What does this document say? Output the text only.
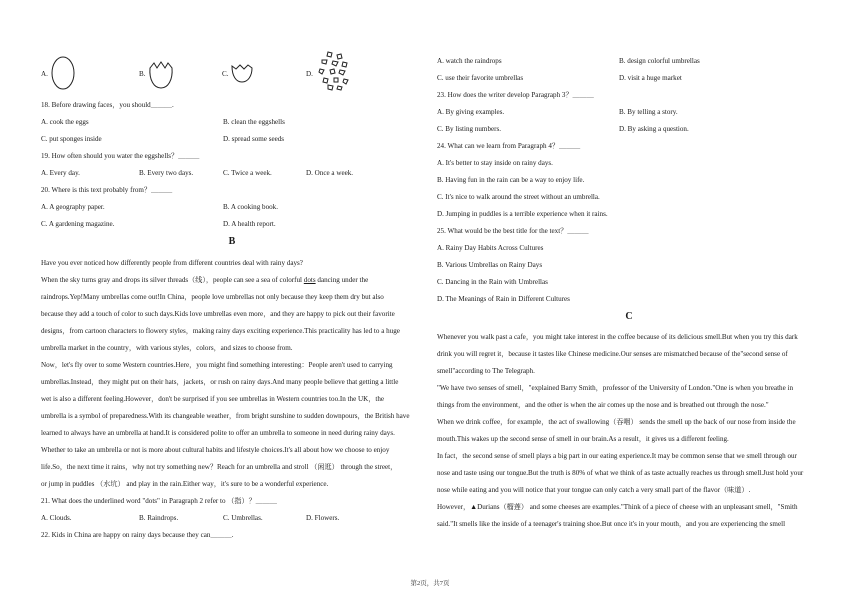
A.	B.	C.	D.
18. Before drawing faces，you should＿＿＿.
A. cook the eggs	B. clean the eggshells
C. put sponges inside	D. spread some seeds
19. How often should you water the eggshells？＿＿＿
A. Every day.	B. Every two days.	C. Twice a week.	D. Once a week.
20. Where is this text probably from？＿＿＿
A. A geography paper.	B. A cooking book.
C. A gardening magazine.	D. A health report.
B
Have you ever noticed how differently people from different countries deal with rainy days?
When the sky turns gray and drops its silver threads（线），people can see a sea of colorful dots dancing under the
raindrops.Yep!Many umbrellas come out!In China，people love umbrellas not only because they keep them dry but also
because they add a touch of color to such days.Kids love umbrellas even more，and they are happy to pick out their favorite
designs，from cartoon characters to flowery styles，making rainy days exciting experience.This practicality has led to a huge
umbrella market in the country，with various styles，colors，and sizes to choose from.
Now，let's fly over to some Western countries.Here，you might find something interesting：People aren't used to carrying
umbrellas.Instead，they might put on their hats，jackets，or rush on rainy days.And many people believe that getting a little
wet is also a different feeling.However，don't be surprised if you see umbrellas in Western countries too.In the UK，the
umbrella is a symbol of preparedness.With its changeable weather，from bright sunshine to sudden downpours，the British have
learned to always have an umbrella at hand.It is considered polite to offer an umbrella to someone in need during rainy days.
Whether to take an umbrella or not is more about cultural habits and lifestyle choices.It's all about how we choose to enjoy
life.So，the next time it rains，why not try something new？Reach for an umbrella and stroll （闲逛） through the street，
or jump in puddles （水坑） and play in the rain.Either way，it's sure to be a wonderful experience.
21. What does the underlined word "dots" in Paragraph 2 refer to （指）？＿＿＿
A. Clouds.	B. Raindrops.	C. Umbrellas.	D. Flowers.
22. Kids in China are happy on rainy days because they can＿＿＿.
A. watch the raindrops	B. design colorful umbrellas
C. use their favorite umbrellas	D. visit a huge market
23. How does the writer develop Paragraph 3？＿＿＿
A. By giving examples.	B. By telling a story.
C. By listing numbers.	D. By asking a question.
24. What can we learn from Paragraph 4？＿＿＿
A. It's better to stay inside on rainy days.
B. Having fun in the rain can be a way to enjoy life.
C. It's nice to walk around the street without an umbrella.
D. Jumping in puddles is a terrible experience when it rains.
25. What would be the best title for the text？＿＿＿
A. Rainy Day Habits Across Cultures
B. Various Umbrellas on Rainy Days
C. Dancing in the Rain with Umbrellas
D. The Meanings of Rain in Different Cultures
C
Whenever you walk past a cafe，you might take interest in the coffee because of its delicious smell.But when you try this dark
drink you will regret it，because it tastes like Chinese medicine.Our senses are mismatched because of the"second sense of
smell"according to The Telegraph.
"We have two senses of smell，"explained Barry Smith，professor of the University of London."One is when you breathe in
things from the environment，and the other is when the air comes up the nose and is breathed out through the nose."
When we drink coffee，for example，the act of swallowing（吞咽） sends the smell up the back of our nose from inside the
mouth.This wakes up the second sense of smell in our brain.As a result，it gives us a different feeling.
In fact，the second sense of smell plays a big part in our eating experience.It may be common sense that we smell through our
nose and taste using our tongue.But the truth is 80% of what we think of as taste actually reaches us through smell.Just hold your
nose while eating and you will notice that your tongue can only catch a very small part of the flavor（味道）.
However，▲Durians（榴莲） and some cheeses are examples."Think of a piece of cheese with an unpleasant smell，"Smith
said."It smells like the inside of a teenager's training shoe.But once it's in your mouth，and you are experiencing the smell
第2页，共7页
